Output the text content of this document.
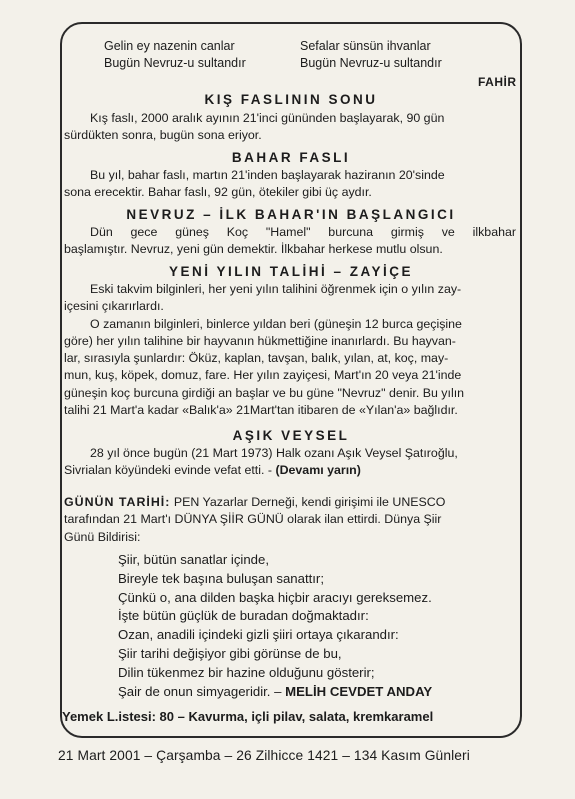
Gelin ey nazenin canlar
Bugün Nevruz-u sultandır
Sefalar sünsün ihvanlar
Bugün Nevruz-u sultandır
FAHİR
KIŞ FASLININ SONU
Kış faslı, 2000 aralık ayının 21'inci gününden başlayarak, 90 gün
sürdükten sonra, bugün sona eriyor.
BAHAR FASLI
Bu yıl, bahar faslı, martın 21'inden başlayarak haziranın 20'sinde
sona erecektir. Bahar faslı, 92 gün, ötekiler gibi üç aydır.
NEVRUZ – İLK BAHAR'IN BAŞLANGICI
Dün gece güneş Koç "Hamel" burcuna girmiş ve ilkbahar
başlamıştır. Nevruz, yeni gün demektir. İlkbahar herkese mutlu olsun.
YENİ YILIN TALİHİ – ZAYİÇE
Eski takvim bilginleri, her yeni yılın talihini öğrenmek için o yılın zay-
içesini çıkarırlardı.
O zamanın bilginleri, binlerce yıldan beri (güneşin 12 burca geçişine
göre) her yılın talihine bir hayvanın hükmettiğine inanırlardı. Bu hayvan-
lar, sırasıyla şunlardır: Öküz, kaplan, tavşan, balık, yılan, at, koç, may-
mun, kuş, köpek, domuz, fare. Her yılın zayiçesi, Mart'ın 20 veya 21'inde
güneşin koç burcuna girdiği an başlar ve bu güne "Nevruz" denir. Bu yılın
talihi 21 Mart'a kadar «Balık'a» 21Mart'tan itibaren de «Yılan'a» bağlıdır.
AŞIK VEYSEL
28 yıl önce bugün (21 Mart 1973) Halk ozanı Aşık Veysel Şatıroğlu,
Sivrialan köyündeki evinde vefat etti. - (Devamı yarın)
GÜNÜN TARİHİ: PEN Yazarlar Derneği, kendi girişimi ile UNESCO
tarafından 21 Mart'ı DÜNYA ŞİİR GÜNÜ olarak ilan ettirdi. Dünya Şiir
Günü Bildirisi:
Şiir, bütün sanatlar içinde,
Bireyle tek başına buluşan sanattır;
Çünkü o, ana dilden başka hiçbir aracıyı gereksemez.
İşte bütün güçlük de buradan doğmaktadır:
Ozan, anadili içindeki gizli şiiri ortaya çıkarandır:
Şiir tarihi değişiyor gibi görünse de bu,
Dilin tükenmez bir hazine olduğunu gösterir;
Şair de onun simyageridir. – MELİH CEVDET ANDAY
Yemek L.istesi: 80 – Kavurma, içli pilav, salata, kremkaramel
21 Mart 2001 – Çarşamba – 26 Zilhicce 1421 – 134 Kasım Günleri
